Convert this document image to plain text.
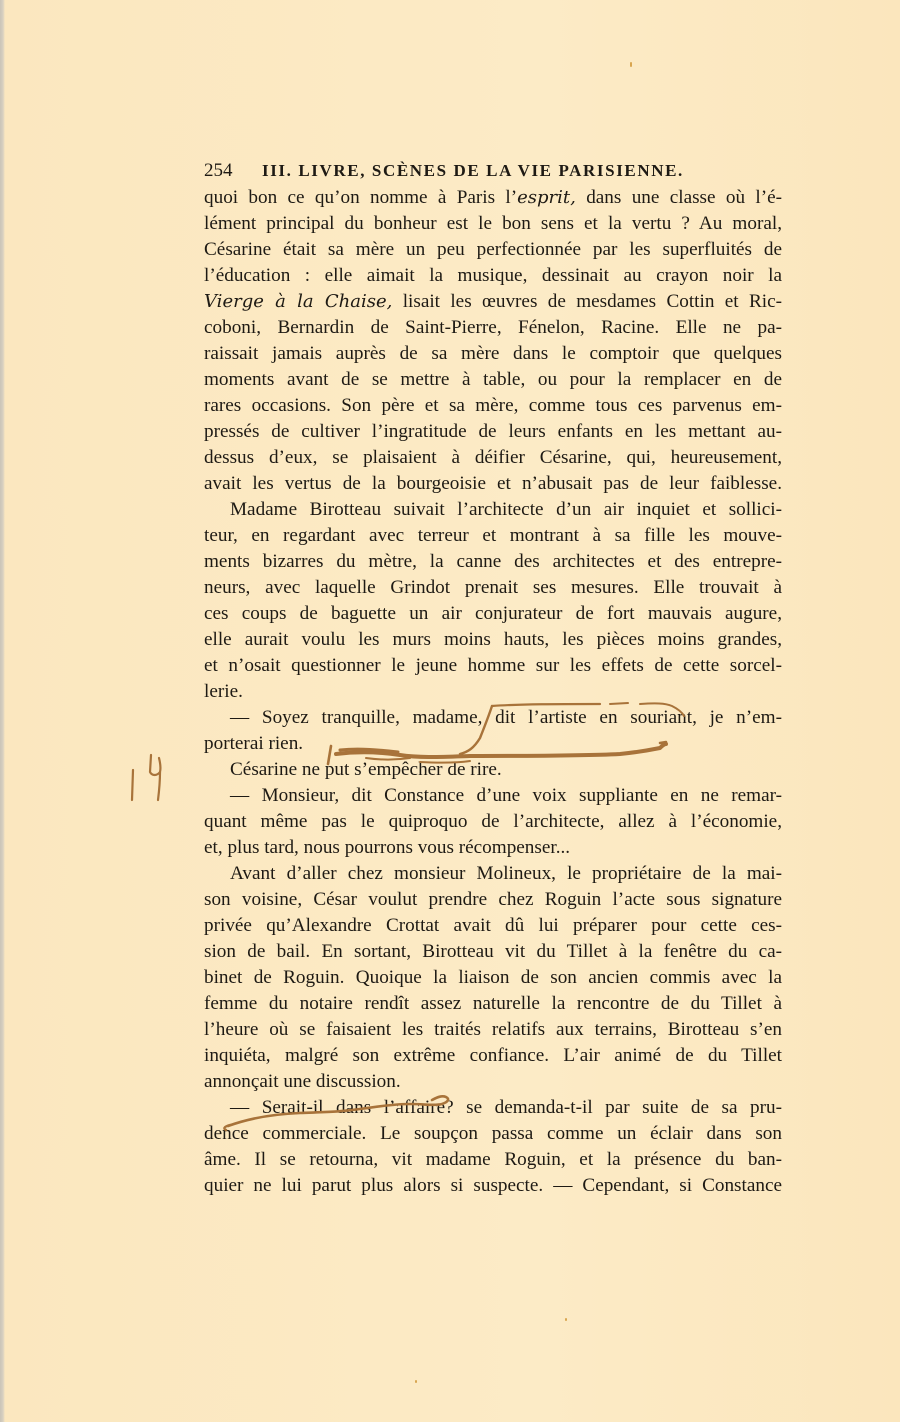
254 III. LIVRE, SCÈNES DE LA VIE PARISIENNE.
quoi bon ce qu’on nomme à Paris l’esprit, dans une classe où l’é-
lément principal du bonheur est le bon sens et la vertu ? Au moral,
Césarine était sa mère un peu perfectionnée par les superfluités de
l’éducation : elle aimait la musique, dessinait au crayon noir la
Vierge à la Chaise, lisait les œuvres de mesdames Cottin et Ric-
coboni, Bernardin de Saint-Pierre, Fénelon, Racine. Elle ne pa-
raissait jamais auprès de sa mère dans le comptoir que quelques
moments avant de se mettre à table, ou pour la remplacer en de
rares occasions. Son père et sa mère, comme tous ces parvenus em-
pressés de cultiver l’ingratitude de leurs enfants en les mettant au-
dessus d’eux, se plaisaient à déifier Césarine, qui, heureusement,
avait les vertus de la bourgeoisie et n’abusait pas de leur faiblesse.
Madame Birotteau suivait l’architecte d’un air inquiet et sollici-
teur, en regardant avec terreur et montrant à sa fille les mouve-
ments bizarres du mètre, la canne des architectes et des entrepre-
neurs, avec laquelle Grindot prenait ses mesures. Elle trouvait à
ces coups de baguette un air conjurateur de fort mauvais augure,
elle aurait voulu les murs moins hauts, les pièces moins grandes,
et n’osait questionner le jeune homme sur les effets de cette sorcel-
lerie.
— Soyez tranquille, madame, dit l’artiste en souriant, je n’em-
porterai rien.
Césarine ne put s’empêcher de rire.
— Monsieur, dit Constance d’une voix suppliante en ne remar-
quant même pas le quiproquo de l’architecte, allez à l’économie,
et, plus tard, nous pourrons vous récompenser...
Avant d’aller chez monsieur Molineux, le propriétaire de la mai-
son voisine, César voulut prendre chez Roguin l’acte sous signature
privée qu’Alexandre Crottat avait dû lui préparer pour cette ces-
sion de bail. En sortant, Birotteau vit du Tillet à la fenêtre du ca-
binet de Roguin. Quoique la liaison de son ancien commis avec la
femme du notaire rendît assez naturelle la rencontre de du Tillet à
l’heure où se faisaient les traités relatifs aux terrains, Birotteau s’en
inquiéta, malgré son extrême confiance. L’air animé de du Tillet
annonçait une discussion.
— Serait-il dans l’affaire? se demanda-t-il par suite de sa pru-
dence commerciale. Le soupçon passa comme un éclair dans son
âme. Il se retourna, vit madame Roguin, et la présence du ban-
quier ne lui parut plus alors si suspecte. — Cependant, si Constance
